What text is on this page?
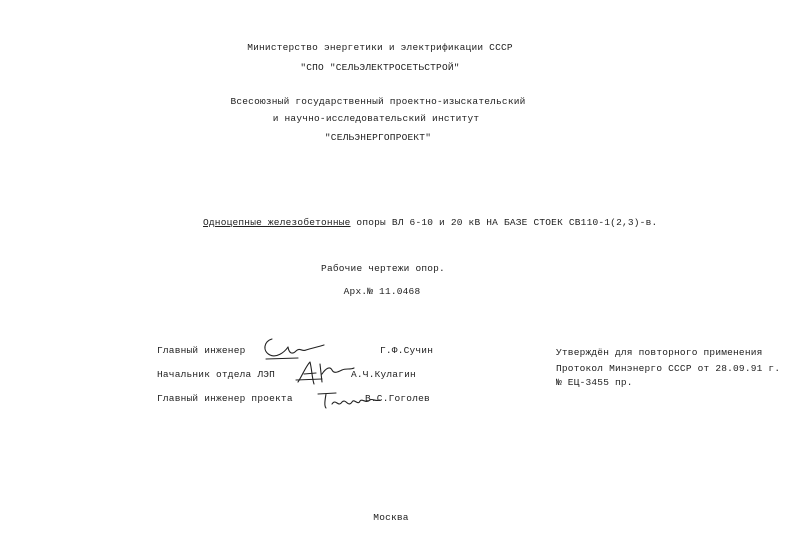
Министерство энергетики и электрификации СССР
"СПО "СЕЛЬЭЛЕКТРОСЕТЬСТРОЙ"
Всесоюзный государственный проектно-изыскательский
и научно-исследовательский институт
"СЕЛЬЭНЕРГОПРОЕКТ"
Одноцепные железобетонные опоры ВЛ 6-10 и 20 кВ НА БАЗЕ СТОЕК СВ110-1(2,3)-в.
Рабочие чертежи опор.
Арх.№ 11.0468
Главный инженер	Г.Ф.Сучин
Начальник отдела ЛЭП	А.Ч.Кулагин
Главный инженер проекта	В.С.Гоголев
Утверждён для повторного применения
Протокол Минэнерго СССР от 28.09.91 г.
№ ЕЦ-3455 пр.
Москва
